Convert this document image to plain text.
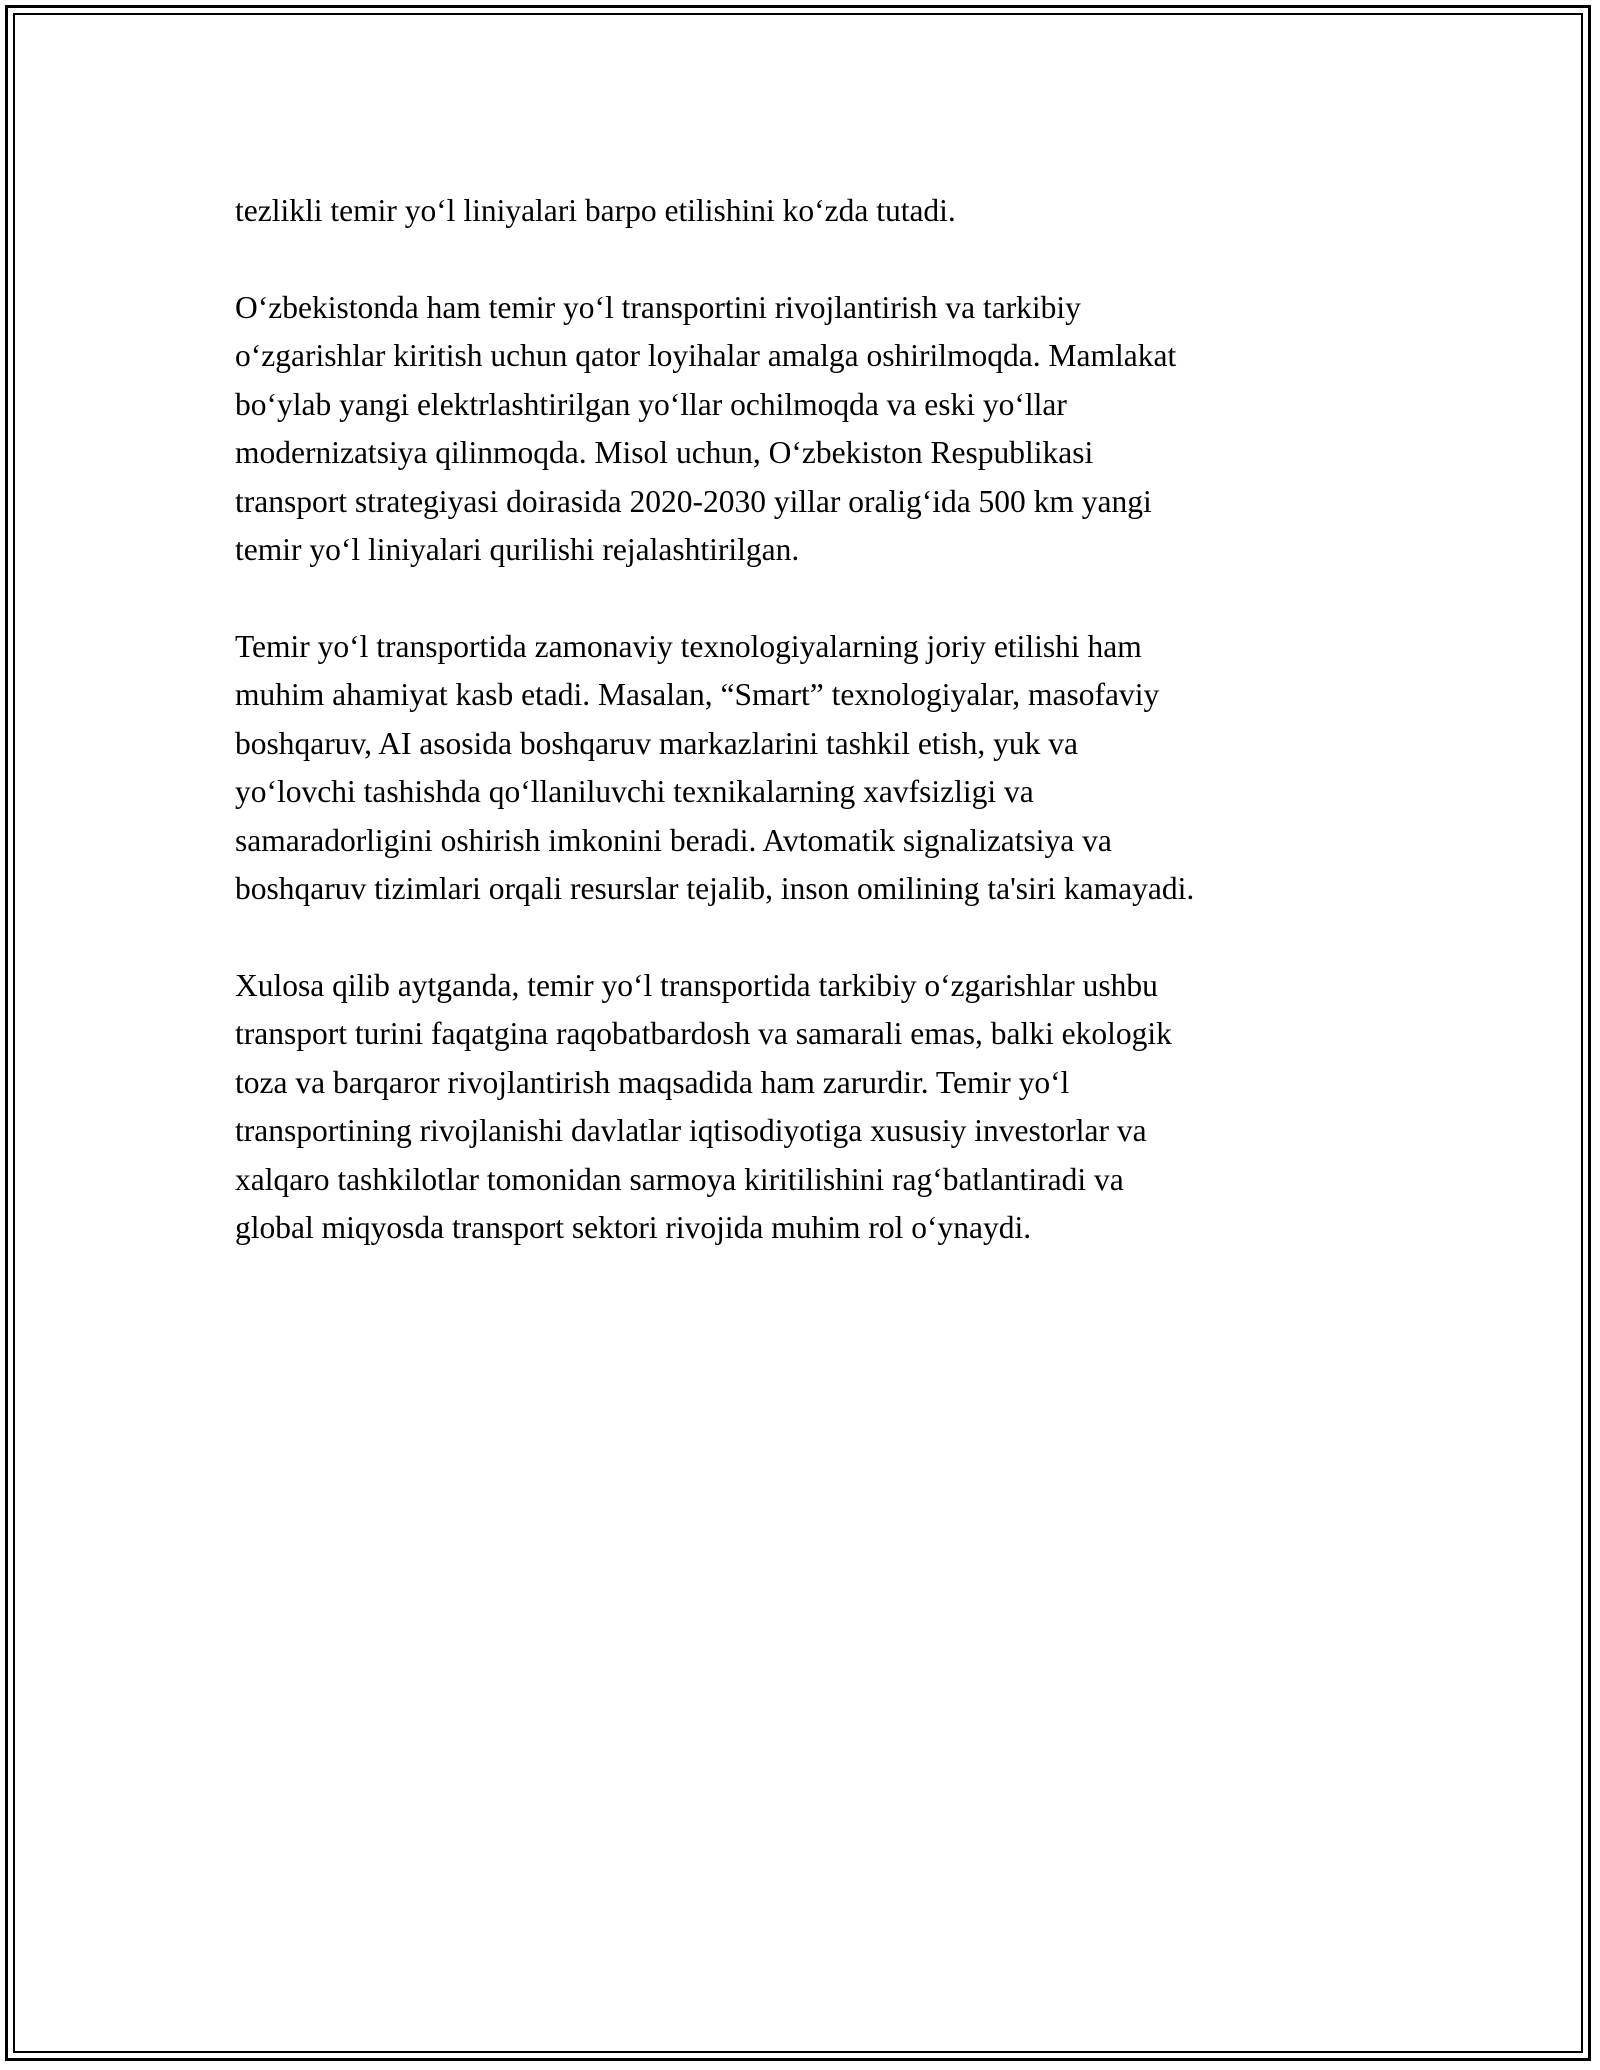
tezlikli temir yo‘l liniyalari barpo etilishini ko‘zda tutadi.

O‘zbekistonda ham temir yo‘l transportini rivojlantirish va tarkibiy
o‘zgarishlar kiritish uchun qator loyihalar amalga oshirilmoqda. Mamlakat
bo‘ylab yangi elektrlashtirilgan yo‘llar ochilmoqda va eski yo‘llar
modernizatsiya qilinmoqda. Misol uchun, O‘zbekiston Respublikasi
transport strategiyasi doirasida 2020-2030 yillar oralig‘ida 500 km yangi
temir yo‘l liniyalari qurilishi rejalashtirilgan.

Temir yo‘l transportida zamonaviy texnologiyalarning joriy etilishi ham
muhim ahamiyat kasb etadi. Masalan, “Smart” texnologiyalar, masofaviy
boshqaruv, AI asosida boshqaruv markazlarini tashkil etish, yuk va
yo‘lovchi tashishda qo‘llaniluvchi texnikalarning xavfsizligi va
samaradorligini oshirish imkonini beradi. Avtomatik signalizatsiya va
boshqaruv tizimlari orqali resurslar tejalib, inson omilining ta'siri kamayadi.

Xulosa qilib aytganda, temir yo‘l transportida tarkibiy o‘zgarishlar ushbu
transport turini faqatgina raqobatbardosh va samarali emas, balki ekologik
toza va barqaror rivojlantirish maqsadida ham zarurdir. Temir yo‘l
transportining rivojlanishi davlatlar iqtisodiyotiga xususiy investorlar va
xalqaro tashkilotlar tomonidan sarmoya kiritilishini rag‘batlantiradi va
global miqyosda transport sektori rivojida muhim rol o‘ynaydi.
